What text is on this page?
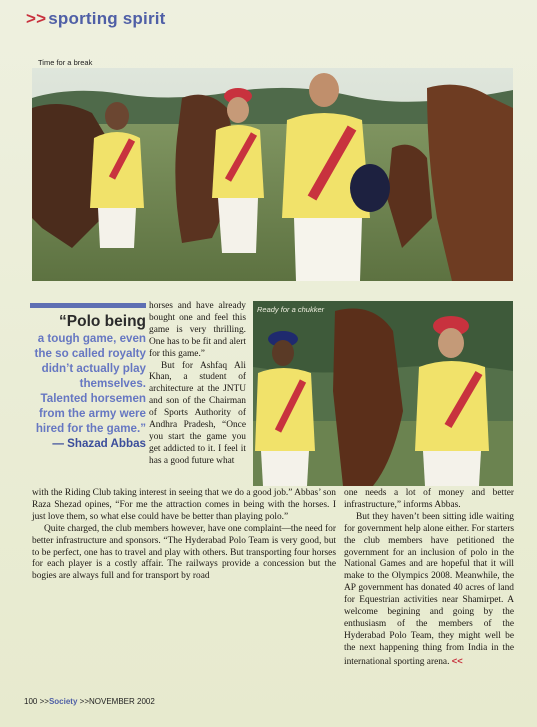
>> sporting spirit
Time for a break
“Polo being
a tough game, even the so called royalty didn’t actually play themselves. Talented horsemen from the army were hired for the game.”
— Shazad Abbas

horses and have already bought one and feel this game is very thrilling. One has to be fit and alert for this game.”

But for Ashfaq Ali Khan, a student of architecture at the JNTU and son of the Chairman of Sports Authority of Andhra Pradesh, “Once you start the game you get addicted to it. I feel it has a good future what

Ready for a chukker

with the Riding Club taking interest in seeing that we do a good job.” Abbas’ son Raza Shezad opines, “For me the attraction comes in being with the horses. I just love them, so what else could have be better than playing polo.”

Quite charged, the club members however, have one complaint—the need for better infrastructure and sponsors. “The Hyderabad Polo Team is very good, but to be perfect, one has to travel and play with others. But transporting four horses for each player is a costly affair. The railways provide a concession but the bogies are always full and for transport by road

one needs a lot of money and better infrastructure,” informs Abbas.

But they haven’t been sitting idle waiting for government help alone either. For starters the club members have petitioned the government for an inclusion of polo in the National Games and are hopeful that it will make to the Olympics 2008. Meanwhile, the AP government has donated 40 acres of land for Equestrian activities near Shamirpet. A welcome begining and going by the enthusiasm of the members of the Hyderabad Polo Team, they might well be the next happening thing from India in the international sporting arena. <<

100 >>Society >>NOVEMBER 2002
